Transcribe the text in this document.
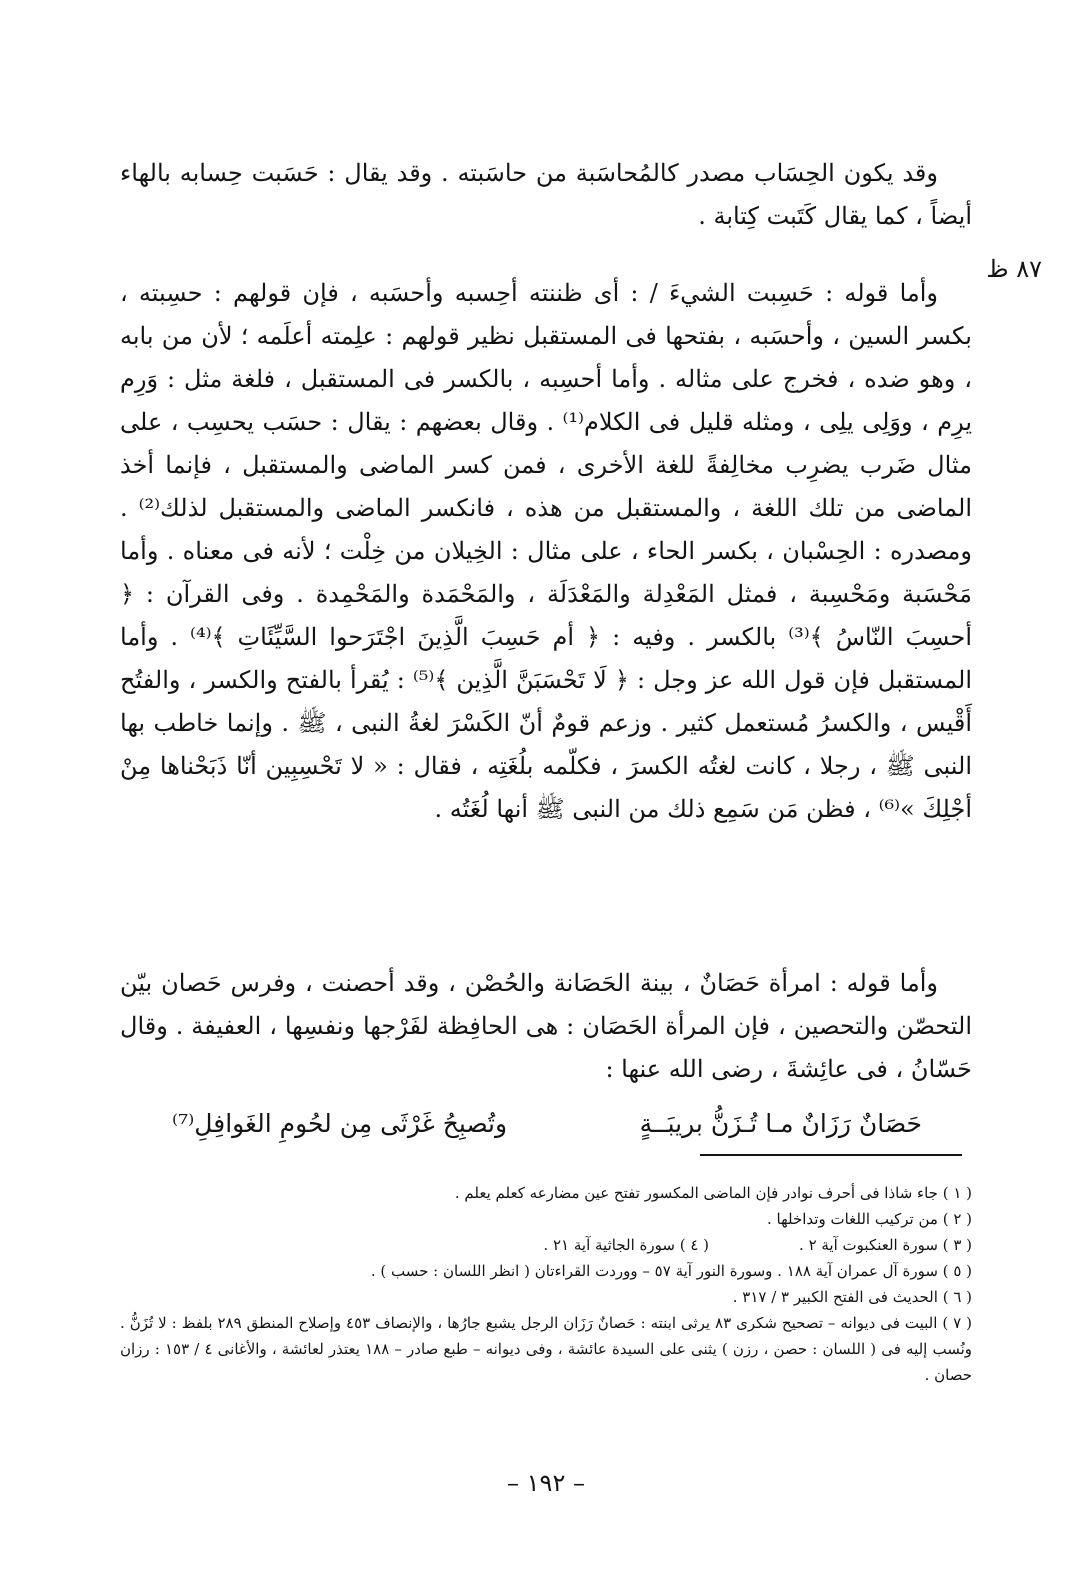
٨٧ ظ

وقد يكون الحِسَاب مصدر كالمُحاسَبة من حاسَبته . وقد يقال : حَسَبت حِسابه بالهاء أيضاً ، كما يقال كَتَبت كِتابة .

وأما قوله : حَسِبت الشيءَ / : أى ظننته أحِسبه وأحسَبه ، فإن قولهم : حسِبته ، بكسر السين ، وأحسَبه ، بفتحها فى المستقبل نظير قولهم : علِمته أعلَمه ؛ لأن من بابه ، وهو ضده ، فخرج على مثاله . وأما أحسِبه ، بالكسر فى المستقبل ، فلغة مثل : وَرِم يرِم ، ووَلِى يلِى ، ومثله قليل فى الكلام⁽¹⁾ . وقال بعضهم : يقال : حسَب يحسِب ، على مثال ضَرب يضرِب مخالِفةً للغة الأخرى ، فمن كسر الماضى والمستقبل ، فإنما أخذ الماضى من تلك اللغة ، والمستقبل من هذه ، فانكسر الماضى والمستقبل لذلك⁽²⁾ . ومصدره : الحِسْبان ، بكسر الحاء ، على مثال : الخِيلان من خِلْت ؛ لأنه فى معناه . وأما مَحْسَبة ومَحْسِبة ، فمثل المَعْدِلة والمَعْدَلَة ، والمَحْمَدة والمَحْمِدة . وفى القرآن : ﴿ أحسِبَ النّاسُ ﴾⁽³⁾ بالكسر . وفيه : ﴿ أم حَسِبَ الَّذِينَ اجْتَرَحوا السَّيِّئَاتِ ﴾⁽⁴⁾ . وأما المستقبل فإن قول الله عز وجل : ﴿ لَا تَحْسَبَنَّ الَّذِين ﴾⁽⁵⁾ : يُقرأ بالفتح والكسر ، والفتُح أَقْيس ، والكسرُ مُستعمل كثير . وزعم قومٌ أنّ الكَسْرَ لغةُ النبى ، ﷺ . وإنما خاطب بها النبى ﷺ ، رجلا ، كانت لغتُه الكسرَ ، فكلّمه بلُغَتِه ، فقال : « لا تَحْسِبِين أنّا ذَبَحْناها مِنْ أجْلِكَ »⁽⁶⁾ ، فظن مَن سَمِع ذلك من النبى ﷺ أنها لُغَتُه .

وأما قوله : امرأة حَصَانٌ ، بينة الحَصَانة والحُصْن ، وقد أحصنت ، وفرس حَصان بيّن التحصّن والتحصين ، فإن المرأة الحَصَان : هى الحافِظة لفَرْجها ونفسِها ، العفيفة . وقال حَسّانُ ، فى عائِشةَ ، رضى الله عنها :

حَصَانٌ رَزَانٌ مـا تُـزَنُّ بريبَــةٍ
وتُصبِحُ غَرْثَى مِن لحُومِ الغَوافِلِ⁽⁷⁾
( ١ ) جاء شاذا فى أحرف نوادر فإن الماضى المكسور تفتح عين مضارعه كعلم يعلم .
( ٢ ) من تركيب اللغات وتداخلها .
( ٣ ) سورة العنكبوت آية ٢ .
( ٤ ) سورة الجاثية آية ٢١ .
( ٥ ) سورة آل عمران آية ١٨٨ . وسورة النور آية ٥٧ – ووردت القراءتان ( انظر اللسان : حسب ) .
( ٦ ) الحديث فى الفتح الكبير ٣ / ٣١٧ .
( ٧ ) البيت فى ديوانه – تصحيح شكرى ٨٣ يرثى ابنته : حَصانٌ رَزَان الرجل يشبع جارُها ، والإنصاف ٤٥٣ وإصلاح المنطق ٢٨٩ بلفظ : لا تُزَنُّ . ونُسب إليه فى ( اللسان : حصن ، رزن ) يثنى على السيدة عائشة ، وفى ديوانه – طبع صادر – ١٨٨ يعتذر لعائشة ، والأغانى ٤ / ١٥٣ : رزان حصان .
– ١٩٢ –
